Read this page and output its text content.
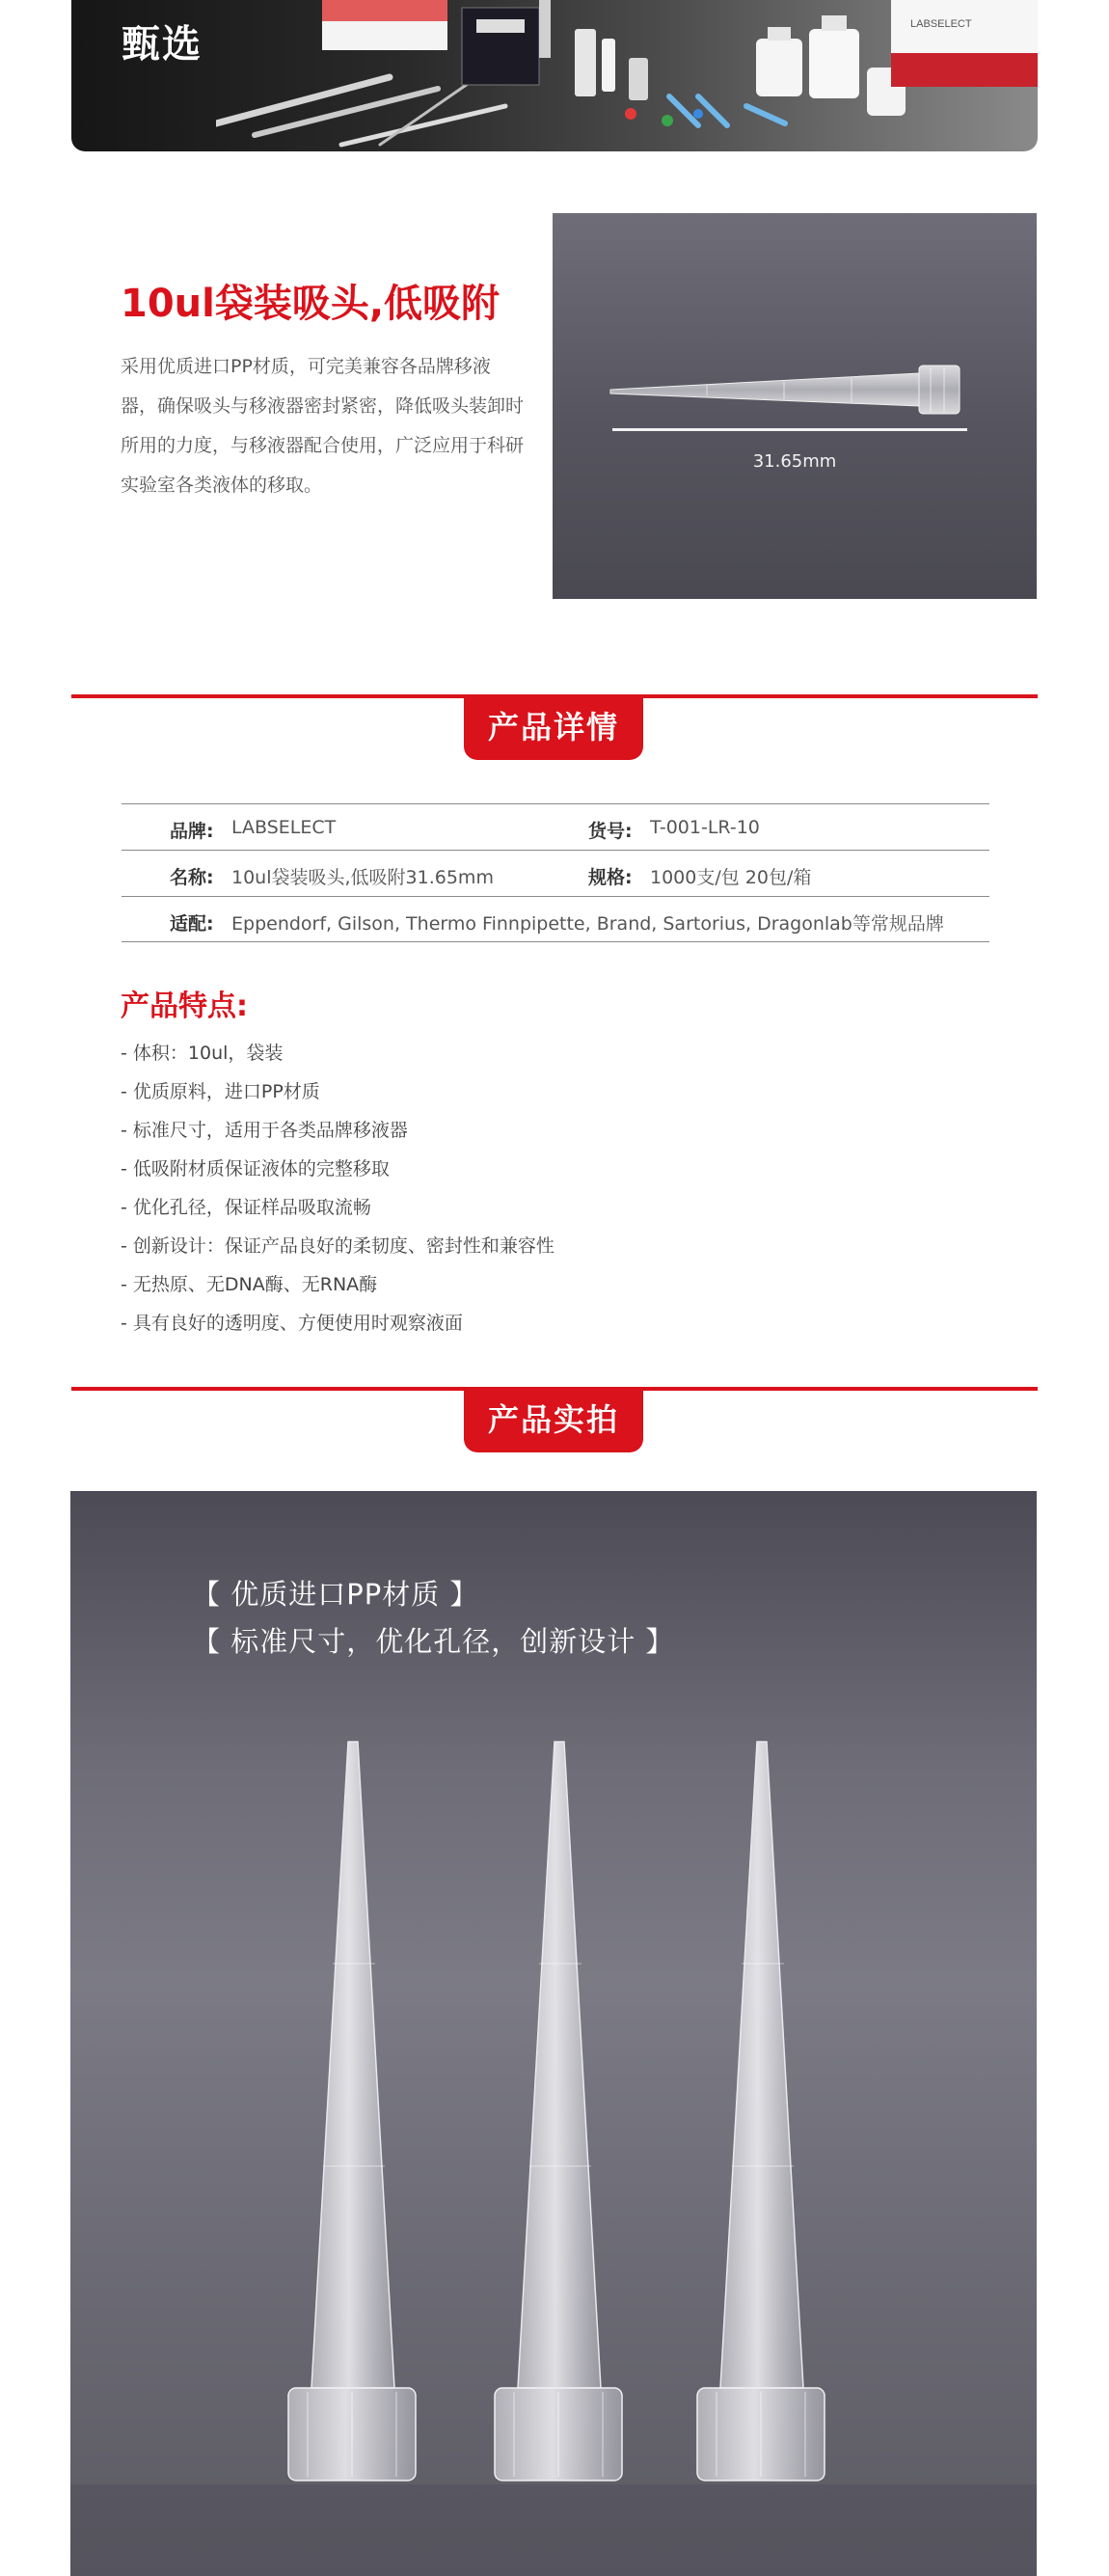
甄选	LABSELECT
10ul袋装吸头,低吸附
采用优质进口PP材质，可完美兼容各品牌移液器，确保吸头与移液器密封紧密，降低吸头装卸时所用的力度，与移液器配合使用，广泛应用于科研实验室各类液体的移取。
31.65mm
产品详情
品牌: LABSELECT	货号: T-001-LR-10
名称: 10ul袋装吸头,低吸附31.65mm	规格: 1000支/包 20包/箱
适配: Eppendorf, Gilson, Thermo Finnpipette, Brand, Sartorius, Dragonlab等常规品牌
产品特点:
- 体积：10ul，袋装
- 优质原料，进口PP材质
- 标准尺寸，适用于各类品牌移液器
- 低吸附材质保证液体的完整移取
- 优化孔径，保证样品吸取流畅
- 创新设计：保证产品良好的柔韧度、密封性和兼容性
- 无热原、无DNA酶、无RNA酶
- 具有良好的透明度、方便使用时观察液面
产品实拍
【 优质进口PP材质 】
【 标准尺寸，优化孔径，创新设计 】
